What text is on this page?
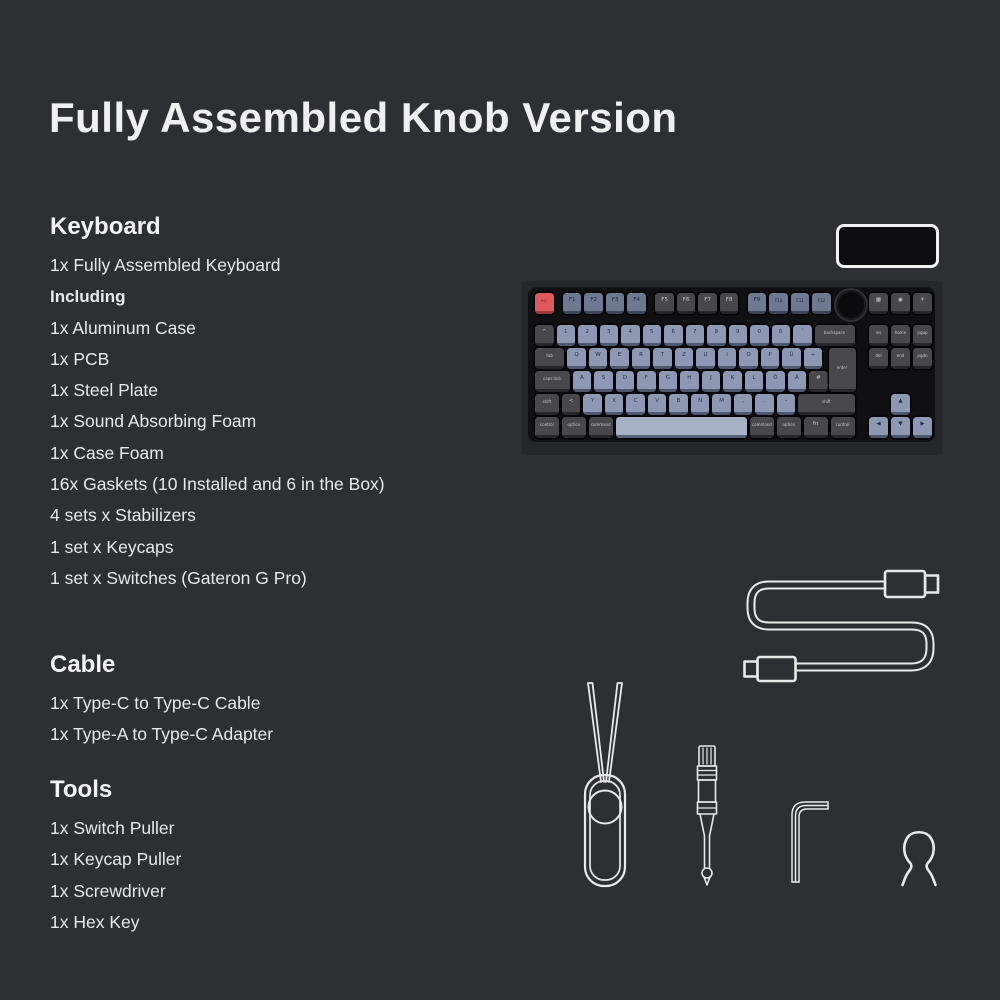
Fully Assembled Knob Version
Keyboard
1x Fully Assembled Keyboard
Including
1x Aluminum Case
1x PCB
1x Steel Plate
1x Sound Absorbing Foam
1x Case Foam
16x Gaskets (10 Installed and 6 in the Box)
4 sets x Stabilizers
1 set x Keycaps
1 set x Switches (Gateron G Pro)
Cable
1x Type-C to Type-C Cable
1x Type-A to Type-C Adapter
Tools
1x Switch Puller
1x Keycap Puller
1x Screwdriver
1x Hex Key
esc	F1	F2	F3	F4	F5	F6	F7	F8	F9	F10	F11	F12
^	1	2	3	4	5	6	7	8	9	0	ß	´	backspace
tab	Q	W	E	R	T	Z	U	I	O	P	Ü	+
caps lock	A	S	D	F	G	H	J	K	L	Ö	Ä	#
shift	<	Y	X	C	V	B	N	M	,	.	-	shift
control	option	command	command	option	fn	control
enter
▦	◉	☀
ins	home	pgup
del	end	pgdn
▲
◀	▼	▶
